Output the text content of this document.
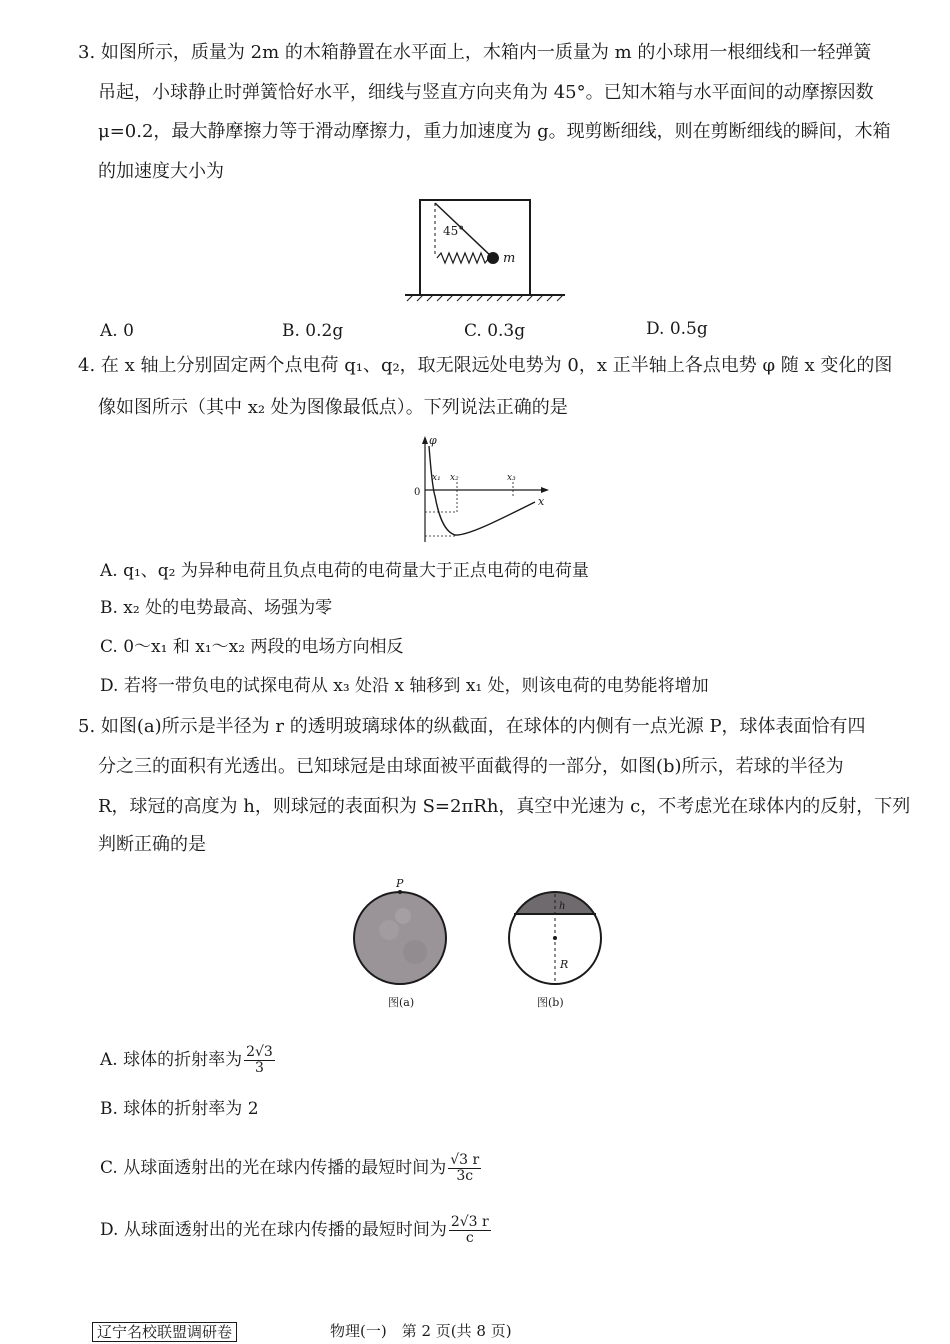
3. 如图所示，质量为 2m 的木箱静置在水平面上，木箱内一质量为 m 的小球用一根细线和一轻弹簧
吊起，小球静止时弹簧恰好水平，细线与竖直方向夹角为 45°。已知木箱与水平面间的动摩擦因数
μ=0.2，最大静摩擦力等于滑动摩擦力，重力加速度为 g。现剪断细线，则在剪断细线的瞬间，木箱
的加速度大小为
45°
m
A. 0	B. 0.2g	C. 0.3g	D. 0.5g
4. 在 x 轴上分别固定两个点电荷 q₁、q₂，取无限远处电势为 0，x 正半轴上各点电势 φ 随 x 变化的图
像如图所示（其中 x₂ 处为图像最低点）。下列说法正确的是
φ
x
0
x₁ x₂	x₃
A. q₁、q₂ 为异种电荷且负点电荷的电荷量大于正点电荷的电荷量
B. x₂ 处的电势最高、场强为零
C. 0～x₁ 和 x₁～x₂ 两段的电场方向相反
D. 若将一带负电的试探电荷从 x₃ 处沿 x 轴移到 x₁ 处，则该电荷的电势能将增加
5. 如图(a)所示是半径为 r 的透明玻璃球体的纵截面，在球体的内侧有一点光源 P，球体表面恰有四
分之三的面积有光透出。已知球冠是由球面被平面截得的一部分，如图(b)所示，若球的半径为
R，球冠的高度为 h，则球冠的表面积为 S=2πRh，真空中光速为 c，不考虑光在球体内的反射，下列
判断正确的是
P
图(a)
h
R
图(b)
A. 球体的折射率为 $\frac{2√3}{3}$
B. 球体的折射率为 2
C. 从球面透射出的光在球内传播的最短时间为 $\frac{√3 r}{3c}$
D. 从球面透射出的光在球内传播的最短时间为 $\frac{2√3 r}{c}$
辽宁名校联盟调研卷	物理(一)　第 2 页(共 8 页)
